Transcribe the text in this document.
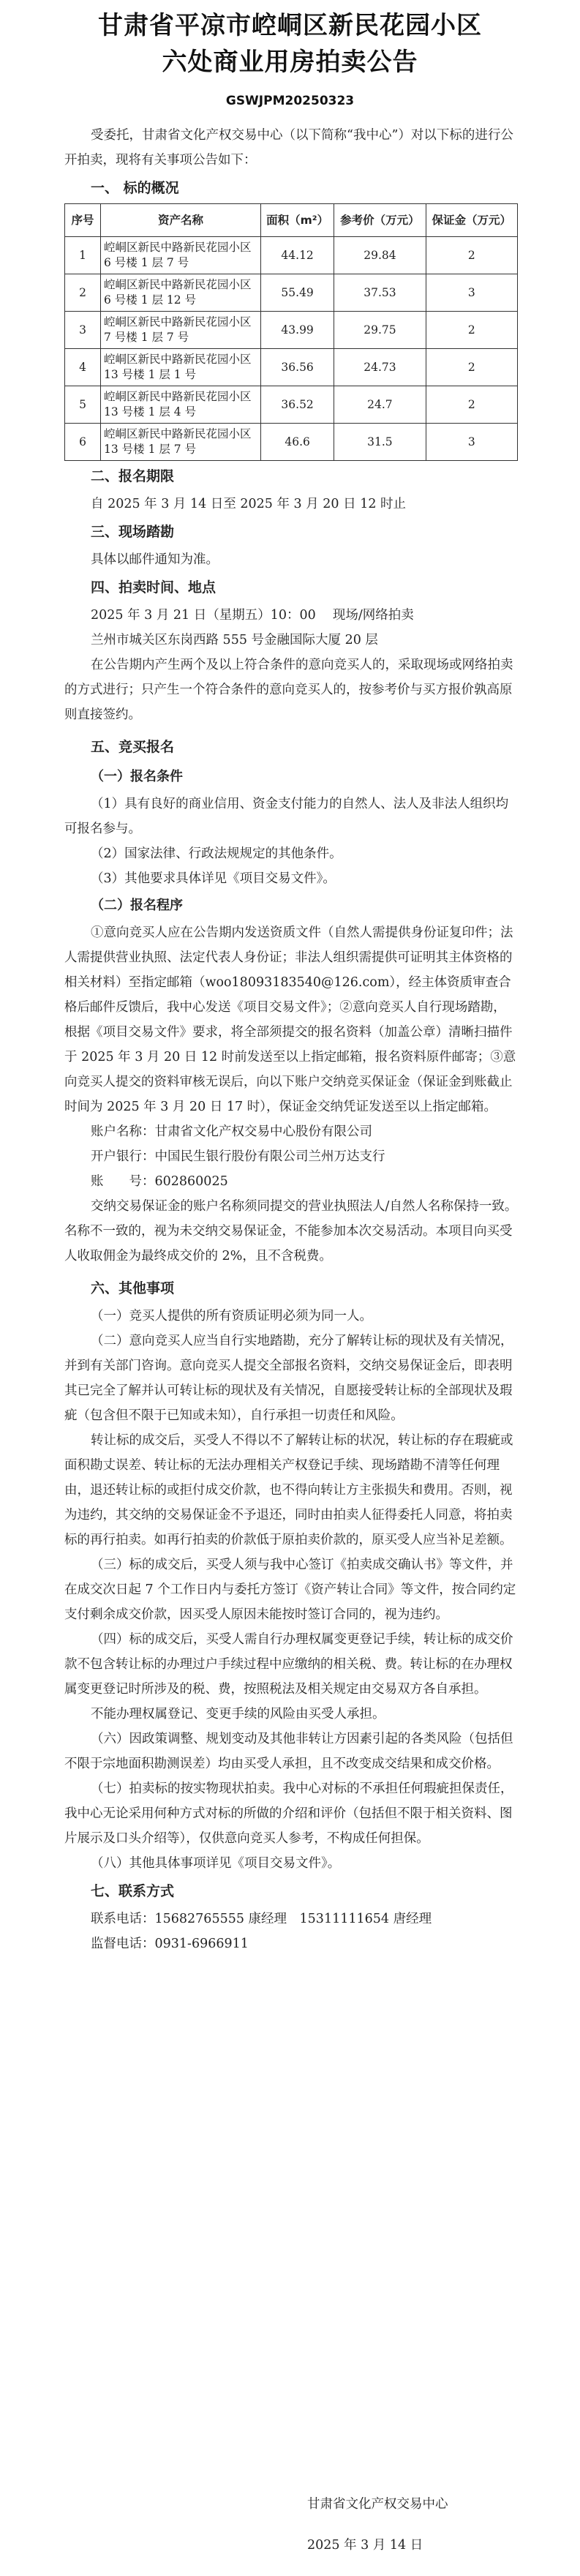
甘肃省平凉市崆峒区新民花园小区
六处商业用房拍卖公告
GSWJPM20250323

受委托，甘肃省文化产权交易中心（以下简称“我中心”）对以下标的进行公开拍卖，现将有关事项公告如下：

一、 标的概况

序号	资产名称	面积（m²）	参考价（万元）	保证金（万元）
1	崆峒区新民中路新民花园小区 6 号楼 1 层 7 号	44.12	29.84	2
2	崆峒区新民中路新民花园小区 6 号楼 1 层 12 号	55.49	37.53	3
3	崆峒区新民中路新民花园小区 7 号楼 1 层 7 号	43.99	29.75	2
4	崆峒区新民中路新民花园小区 13 号楼 1 层 1 号	36.56	24.73	2
5	崆峒区新民中路新民花园小区 13 号楼 1 层 4 号	36.52	24.7	2
6	崆峒区新民中路新民花园小区 13 号楼 1 层 7 号	46.6	31.5	3

二、报名期限

自 2025 年 3 月 14 日至 2025 年 3 月 20 日 12 时止

三、现场踏勘

具体以邮件通知为准。

四、拍卖时间、地点

2025 年 3 月 21 日（星期五）10：00　 现场/网络拍卖

兰州市城关区东岗西路 555 号金融国际大厦 20 层

在公告期内产生两个及以上符合条件的意向竞买人的，采取现场或网络拍卖的方式进行；只产生一个符合条件的意向竞买人的，按参考价与买方报价孰高原则直接签约。

五、竞买报名

（一）报名条件

（1）具有良好的商业信用、资金支付能力的自然人、法人及非法人组织均可报名参与。

（2）国家法律、行政法规规定的其他条件。

（3）其他要求具体详见《项目交易文件》。

（二）报名程序

①意向竞买人应在公告期内发送资质文件（自然人需提供身份证复印件；法人需提供营业执照、法定代表人身份证；非法人组织需提供可证明其主体资格的相关材料）至指定邮箱（woo18093183540@126.com），经主体资质审查合格后邮件反馈后，我中心发送《项目交易文件》；②意向竞买人自行现场踏勘，根据《项目交易文件》要求，将全部须提交的报名资料（加盖公章）清晰扫描件于 2025 年 3 月 20 日 12 时前发送至以上指定邮箱，报名资料原件邮寄；③意向竞买人提交的资料审核无误后，向以下账户交纳竞买保证金（保证金到账截止时间为 2025 年 3 月 20 日 17 时），保证金交纳凭证发送至以上指定邮箱。

账户名称：甘肃省文化产权交易中心股份有限公司

开户银行：中国民生银行股份有限公司兰州万达支行

账　　号：602860025

交纳交易保证金的账户名称须同提交的营业执照法人/自然人名称保持一致。名称不一致的，视为未交纳交易保证金，不能参加本次交易活动。本项目向买受人收取佣金为最终成交价的 2%，且不含税费。

六、其他事项

（一）竞买人提供的所有资质证明必须为同一人。

（二）意向竞买人应当自行实地踏勘，充分了解转让标的现状及有关情况，并到有关部门咨询。意向竞买人提交全部报名资料，交纳交易保证金后，即表明其已完全了解并认可转让标的现状及有关情况，自愿接受转让标的全部现状及瑕疵（包含但不限于已知或未知），自行承担一切责任和风险。

转让标的成交后，买受人不得以不了解转让标的状况，转让标的存在瑕疵或面积勘丈误差、转让标的无法办理相关产权登记手续、现场踏勘不清等任何理由，退还转让标的或拒付成交价款，也不得向转让方主张损失和费用。否则，视为违约，其交纳的交易保证金不予退还，同时由拍卖人征得委托人同意，将拍卖标的再行拍卖。如再行拍卖的价款低于原拍卖价款的，原买受人应当补足差额。

（三）标的成交后，买受人须与我中心签订《拍卖成交确认书》等文件，并在成交次日起 7 个工作日内与委托方签订《资产转让合同》等文件，按合同约定支付剩余成交价款，因买受人原因未能按时签订合同的，视为违约。

（四）标的成交后，买受人需自行办理权属变更登记手续，转让标的成交价款不包含转让标的办理过户手续过程中应缴纳的相关税、费。转让标的在办理权属变更登记时所涉及的税、费，按照税法及相关规定由交易双方各自承担。

不能办理权属登记、变更手续的风险由买受人承担。

（六）因政策调整、规划变动及其他非转让方因素引起的各类风险（包括但不限于宗地面积勘测误差）均由买受人承担，且不改变成交结果和成交价格。

（七）拍卖标的按实物现状拍卖。我中心对标的不承担任何瑕疵担保责任，我中心无论采用何种方式对标的所做的介绍和评价（包括但不限于相关资料、图片展示及口头介绍等），仅供意向竞买人参考，不构成任何担保。

（八）其他具体事项详见《项目交易文件》。

七、联系方式

联系电话：15682765555 康经理　15311111654 唐经理

监督电话：0931-6966911

甘肃省文化产权交易中心
2025 年 3 月 14 日
